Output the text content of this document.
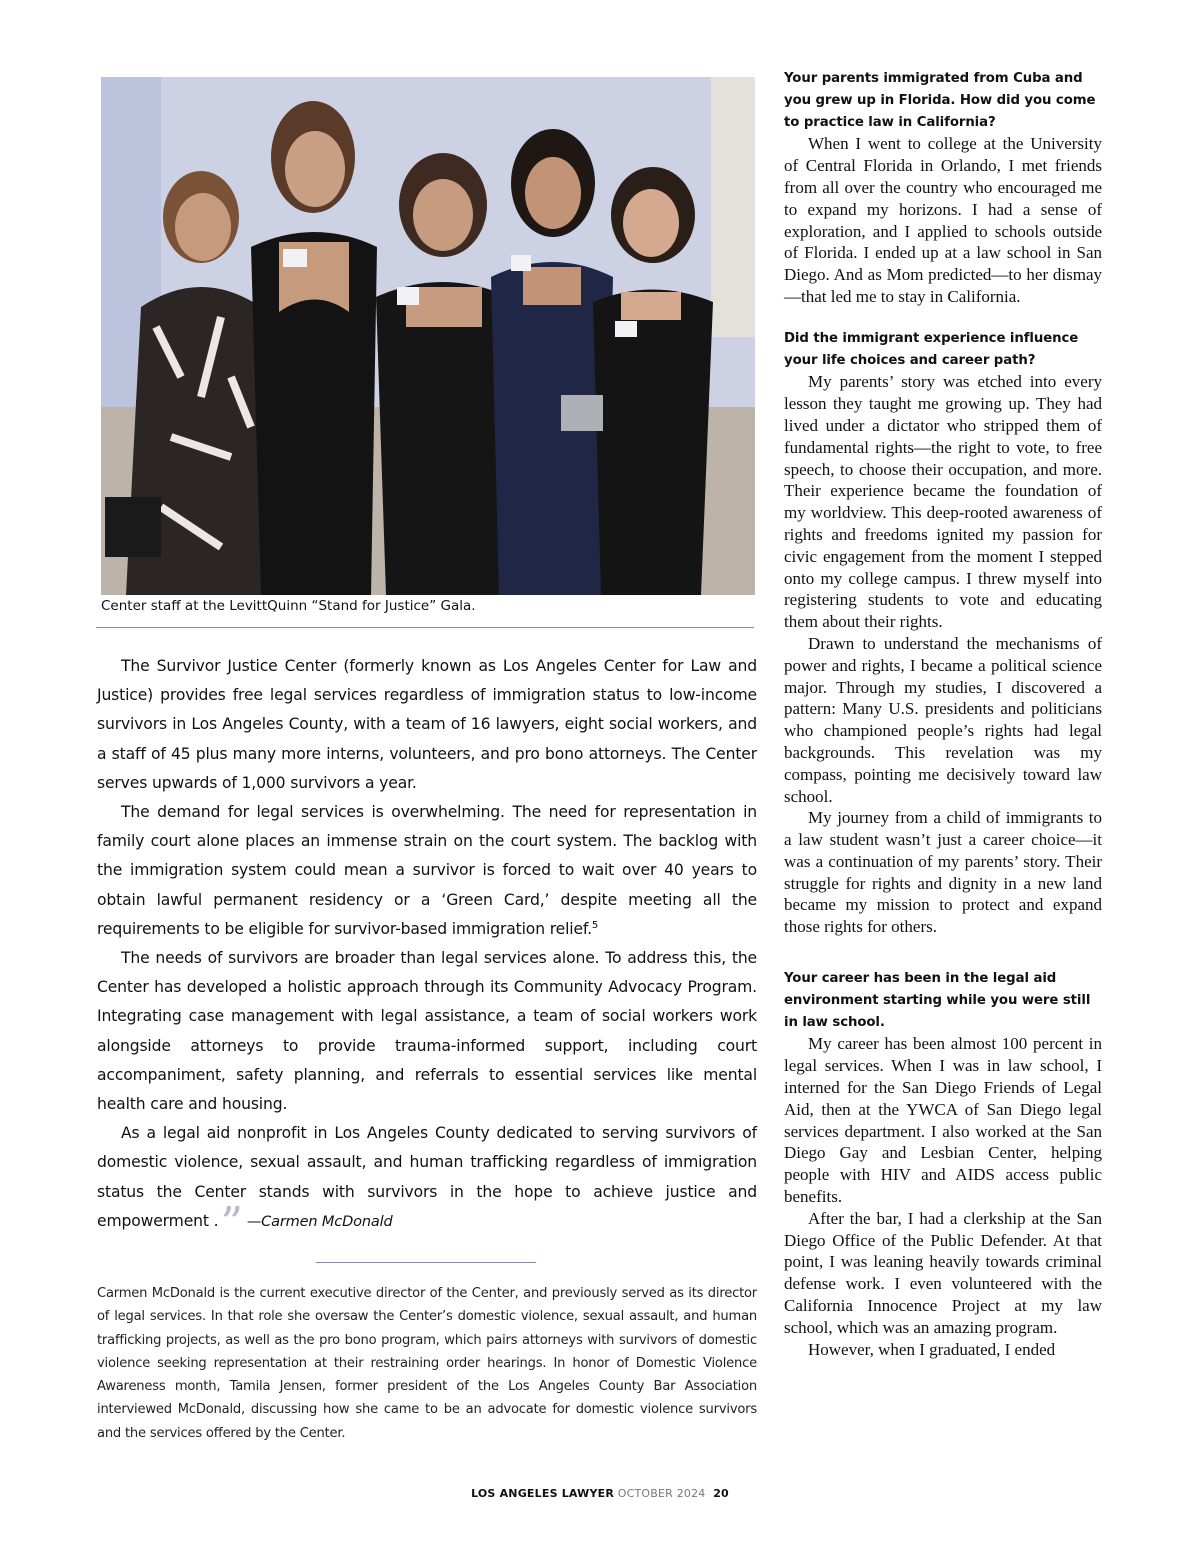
Center staff at the LevittQuinn “Stand for Justice” Gala.

The Survivor Justice Center (formerly known as Los Angeles Center for Law and Justice) provides free legal services regardless of immigration status to low-income survivors in Los Angeles County, with a team of 16 lawyers, eight social workers, and a staff of 45 plus many more interns, volunteers, and pro bono attorneys. The Center serves upwards of 1,000 survivors a year.

The demand for legal services is overwhelming. The need for representation in family court alone places an immense strain on the court system. The backlog with the immigration system could mean a survivor is forced to wait over 40 years to obtain lawful permanent residency or a ‘Green Card,’ despite meeting all the requirements to be eligible for survivor-based immigration relief.$^5$

The needs of survivors are broader than legal services alone. To address this, the Center has developed a holistic approach through its Community Advocacy Program. Integrating case management with legal assistance, a team of social workers work alongside attorneys to provide trauma-informed support, including court accompaniment, safety planning, and referrals to essential services like mental health care and housing.

As a legal aid nonprofit in Los Angeles County dedicated to serving survivors of domestic violence, sexual assault, and human trafficking regardless of immigration status the Center stands with survivors in the hope to achieve justice and empowerment .” —Carmen McDonald

Carmen McDonald is the current executive director of the Center, and previously served as its director of legal services. In that role she oversaw the Center’s domestic violence, sexual assault, and human trafficking projects, as well as the pro bono program, which pairs attorneys with survivors of domestic violence seeking representation at their restraining order hearings. In honor of Domestic Violence Awareness month, Tamila Jensen, former president of the Los Angeles County Bar Association interviewed McDonald, discussing how she came to be an advocate for domestic violence survivors and the services offered by the Center.

Your parents immigrated from Cuba and you grew up in Florida. How did you come to practice law in California?

When I went to college at the University of Central Florida in Orlando, I met friends from all over the country who encouraged me to expand my horizons. I had a sense of exploration, and I applied to schools outside of Florida. I ended up at a law school in San Diego. And as Mom predicted—to her dismay—that led me to stay in California.

Did the immigrant experience influence your life choices and career path?

My parents’ story was etched into every lesson they taught me growing up. They had lived under a dictator who stripped them of fundamental rights—the right to vote, to free speech, to choose their occupation, and more. Their experience became the foundation of my worldview. This deep-rooted awareness of rights and freedoms ignited my passion for civic engagement from the moment I stepped onto my college campus. I threw myself into registering students to vote and educating them about their rights.

Drawn to understand the mechanisms of power and rights, I became a political science major. Through my studies, I discovered a pattern: Many U.S. presidents and politicians who championed people’s rights had legal backgrounds. This revelation was my compass, pointing me decisively toward law school.

My journey from a child of immigrants to a law student wasn’t just a career choice—it was a continuation of my parents’ story. Their struggle for rights and dignity in a new land became my mission to protect and expand those rights for others.

Your career has been in the legal aid environment starting while you were still in law school.

My career has been almost 100 percent in legal services. When I was in law school, I interned for the San Diego Friends of Legal Aid, then at the YWCA of San Diego legal services department. I also worked at the San Diego Gay and Lesbian Center, helping people with HIV and AIDS access public benefits.

After the bar, I had a clerkship at the San Diego Office of the Public Defender. At that point, I was leaning heavily towards criminal defense work. I even volunteered with the California Innocence Project at my law school, which was an amazing program.

However, when I graduated, I ended

LOS ANGELES LAWYER OCTOBER 2024 20
